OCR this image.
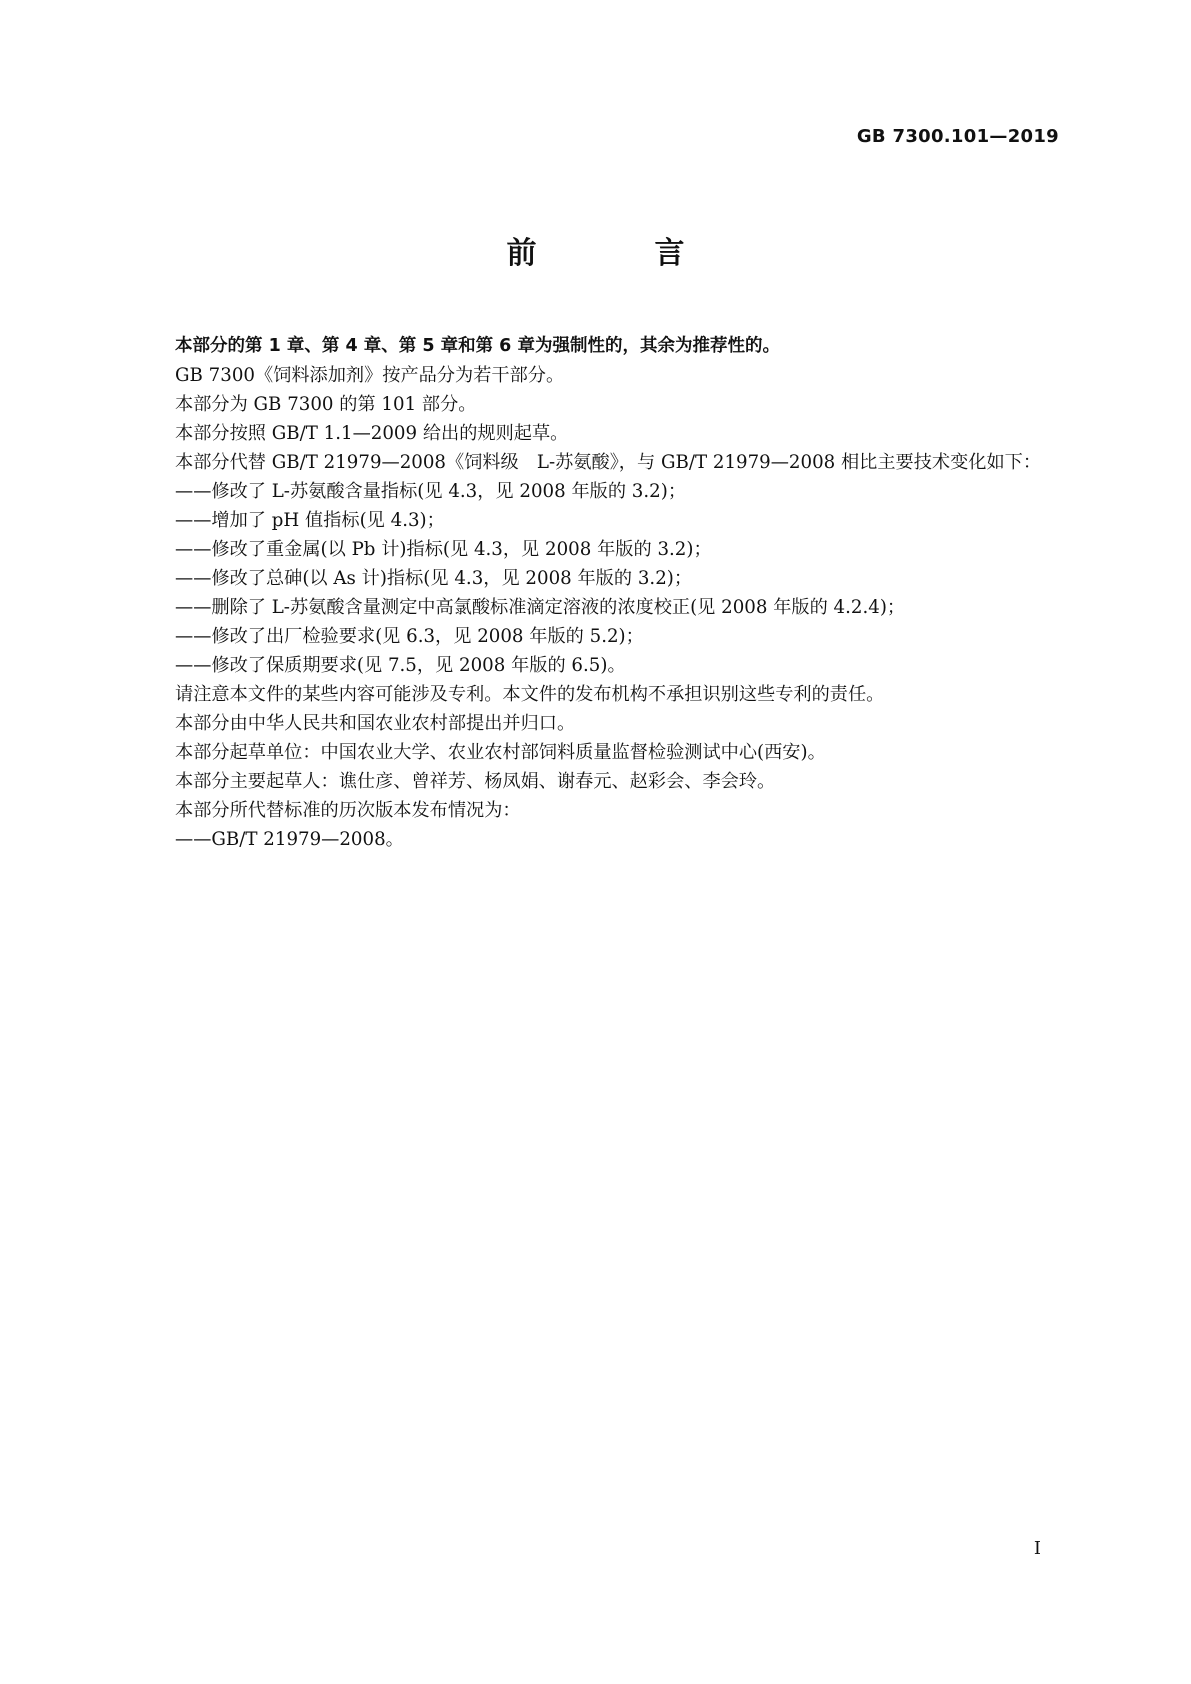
GB 7300.101—2019
前　言

本部分的第 1 章、第 4 章、第 5 章和第 6 章为强制性的，其余为推荐性的。

GB 7300《饲料添加剂》按产品分为若干部分。

本部分为 GB 7300 的第 101 部分。

本部分按照 GB/T 1.1—2009 给出的规则起草。

本部分代替 GB/T 21979—2008《饲料级　L-苏氨酸》，与 GB/T 21979—2008 相比主要技术变化如下：

——修改了 L-苏氨酸含量指标(见 4.3，见 2008 年版的 3.2)；

——增加了 pH 值指标(见 4.3)；

——修改了重金属(以 Pb 计)指标(见 4.3，见 2008 年版的 3.2)；

——修改了总砷(以 As 计)指标(见 4.3，见 2008 年版的 3.2)；

——删除了 L-苏氨酸含量测定中高氯酸标准滴定溶液的浓度校正(见 2008 年版的 4.2.4)；

——修改了出厂检验要求(见 6.3，见 2008 年版的 5.2)；

——修改了保质期要求(见 7.5，见 2008 年版的 6.5)。

请注意本文件的某些内容可能涉及专利。本文件的发布机构不承担识别这些专利的责任。

本部分由中华人民共和国农业农村部提出并归口。

本部分起草单位：中国农业大学、农业农村部饲料质量监督检验测试中心(西安)。

本部分主要起草人：谯仕彦、曾祥芳、杨凤娟、谢春元、赵彩会、李会玲。

本部分所代替标准的历次版本发布情况为：

——GB/T 21979—2008。

I
